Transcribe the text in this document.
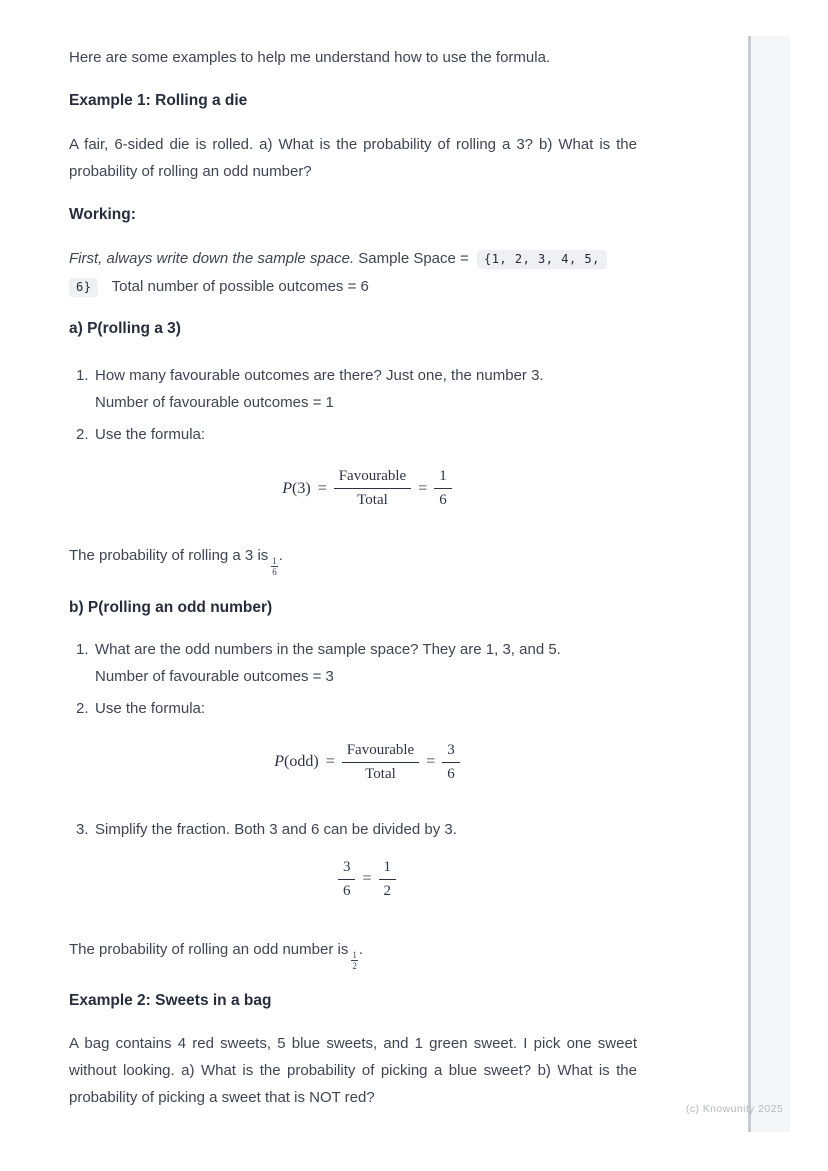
Here are some examples to help me understand how to use the formula.

Example 1: Rolling a die

A fair, 6-sided die is rolled. a) What is the probability of rolling a 3? b) What is the probability of rolling an odd number?

Working:
First, always write down the sample space. Sample Space = {1, 2, 3, 4, 5,
6} Total number of possible outcomes = 6
a) P(rolling a 3)
1. How many favourable outcomes are there? Just one, the number 3.
Number of favourable outcomes = 1
2. Use the formula:
P $(3) = \frac{\text{Favourable}}{\text{Total}} = \frac{1}{6}$

The probability of rolling a 3 is
$\frac{1}{6}$
.

b) P(rolling an odd number)
1. What are the odd numbers in the sample space? They are 1, 3, and 5.
Number of favourable outcomes = 3
2. Use the formula:
P $(odd) = \frac{\text{Favourable}}{\text{Total}} = \frac{3}{6}$
3. Simplify the fraction. Both 3 and 6 can be divided by 3.
$\frac{3}{6} = \frac{1}{2}$

The probability of rolling an odd number is
$\frac{1}{2}$
.

Example 2: Sweets in a bag

A bag contains 4 red sweets, 5 blue sweets, and 1 green sweet. I pick one sweet without looking. a) What is the probability of picking a blue sweet? b) What is the probability of picking a sweet that is NOT red?

(c) Knowunity 2025
